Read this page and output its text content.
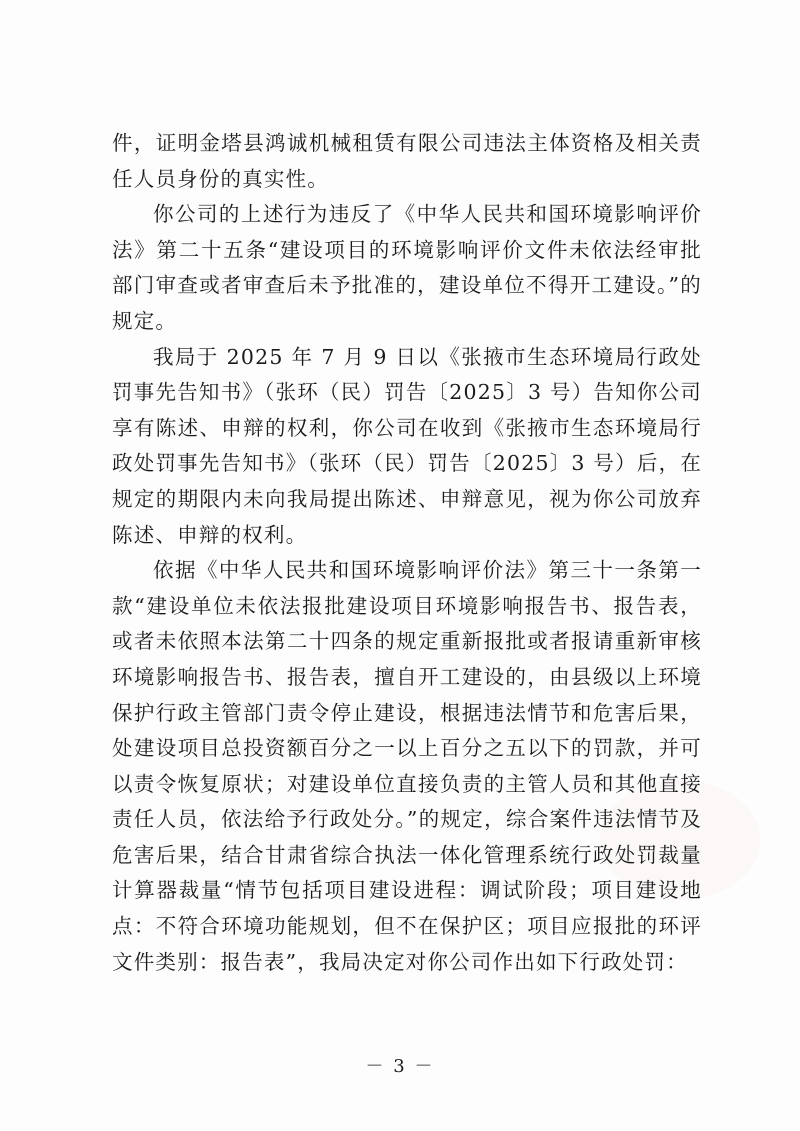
件，证明金塔县鸿诚机械租赁有限公司违法主体资格及相关责任人员身份的真实性。

你公司的上述行为违反了《中华人民共和国环境影响评价法》第二十五条“建设项目的环境影响评价文件未依法经审批部门审查或者审查后未予批准的，建设单位不得开工建设。”的规定。

我局于 2025 年 7 月 9 日以《张掖市生态环境局行政处罚事先告知书》（张环（民）罚告〔2025〕3 号）告知你公司享有陈述、申辩的权利，你公司在收到《张掖市生态环境局行政处罚事先告知书》（张环（民）罚告〔2025〕3 号）后，在规定的期限内未向我局提出陈述、申辩意见，视为你公司放弃陈述、申辩的权利。

依据《中华人民共和国环境影响评价法》第三十一条第一款“建设单位未依法报批建设项目环境影响报告书、报告表，或者未依照本法第二十四条的规定重新报批或者报请重新审核环境影响报告书、报告表，擅自开工建设的，由县级以上环境保护行政主管部门责令停止建设，根据违法情节和危害后果，处建设项目总投资额百分之一以上百分之五以下的罚款，并可以责令恢复原状；对建设单位直接负责的主管人员和其他直接责任人员，依法给予行政处分。”的规定，综合案件违法情节及危害后果，结合甘肃省综合执法一体化管理系统行政处罚裁量计算器裁量“情节包括项目建设进程：调试阶段；项目建设地点：不符合环境功能规划，但不在保护区；项目应报批的环评文件类别：报告表”，我局决定对你公司作出如下行政处罚：

－ 3 －
